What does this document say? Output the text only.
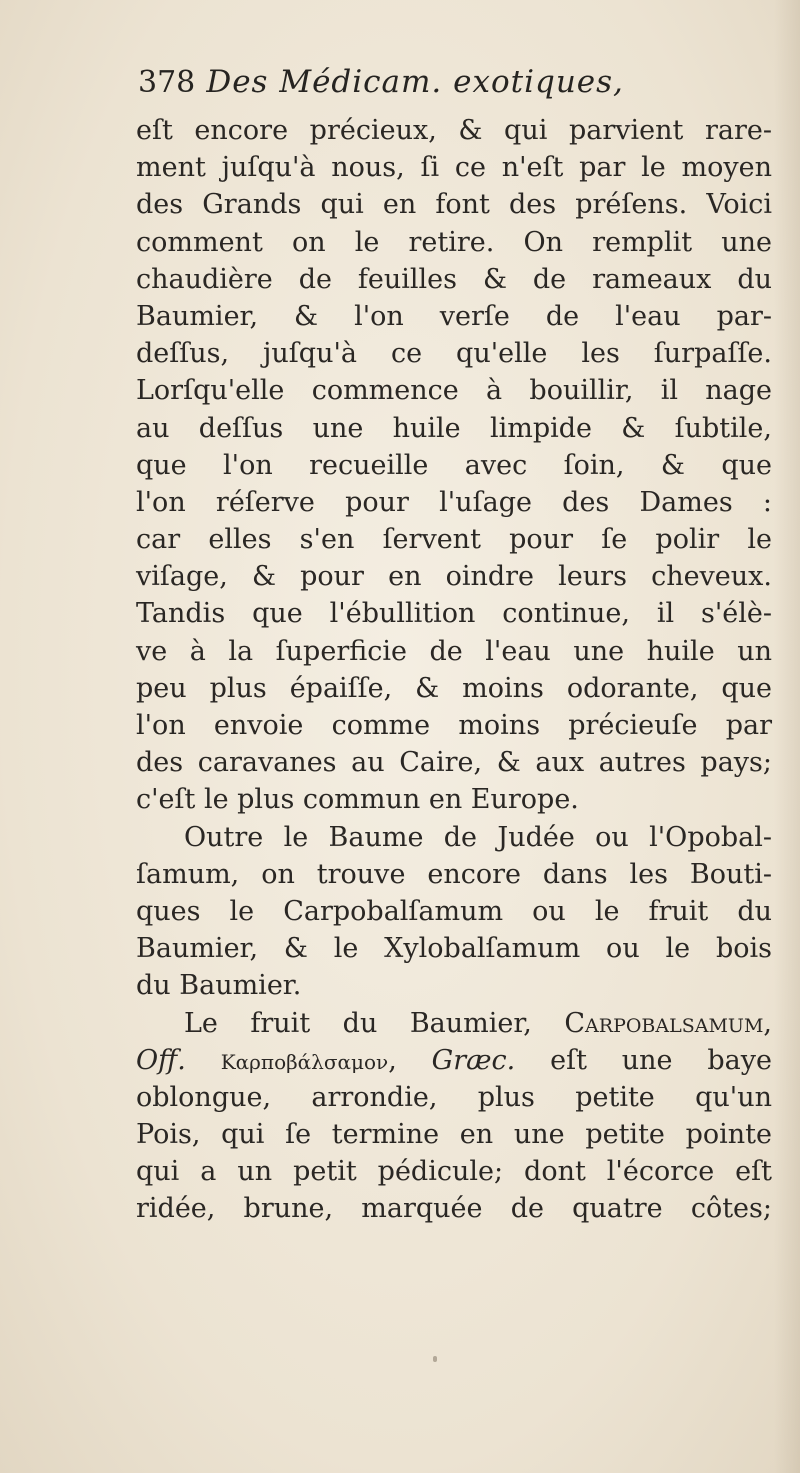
378 Des Médicam. exotiques,
eſt encore précieux, & qui parvient rare-
ment juſqu'à nous, ſi ce n'eſt par le moyen
des Grands qui en font des préſens. Voici
comment on le retire. On remplit une
chaudière de feuilles & de rameaux du
Baumier, & l'on verſe de l'eau par-
deſſus, juſqu'à ce qu'elle les ſurpaſſe.
Lorſqu'elle commence à bouillir, il nage
au deſſus une huile limpide & ſubtile,
que l'on recueille avec ſoin, & que
l'on réſerve pour l'uſage des Dames :
car elles s'en ſervent pour ſe polir le
viſage, & pour en oindre leurs cheveux.
Tandis que l'ébullition continue, il s'élè-
ve à la ſuperficie de l'eau une huile un
peu plus épaiſſe, & moins odorante, que
l'on envoie comme moins précieuſe par
des caravanes au Caire, & aux autres pays;
c'eſt le plus commun en Europe.
Outre le Baume de Judée ou l'Opobal-
ſamum, on trouve encore dans les Bouti-
ques le Carpobalſamum ou le fruit du
Baumier, & le Xylobalſamum ou le bois
du Baumier.
Le fruit du Baumier, Carpobalsamum,
Off. Καρποβάλσαμον, Græc. eſt une baye
oblongue, arrondie, plus petite qu'un
Pois, qui ſe termine en une petite pointe
qui a un petit pédicule; dont l'écorce eſt
ridée, brune, marquée de quatre côtes;
